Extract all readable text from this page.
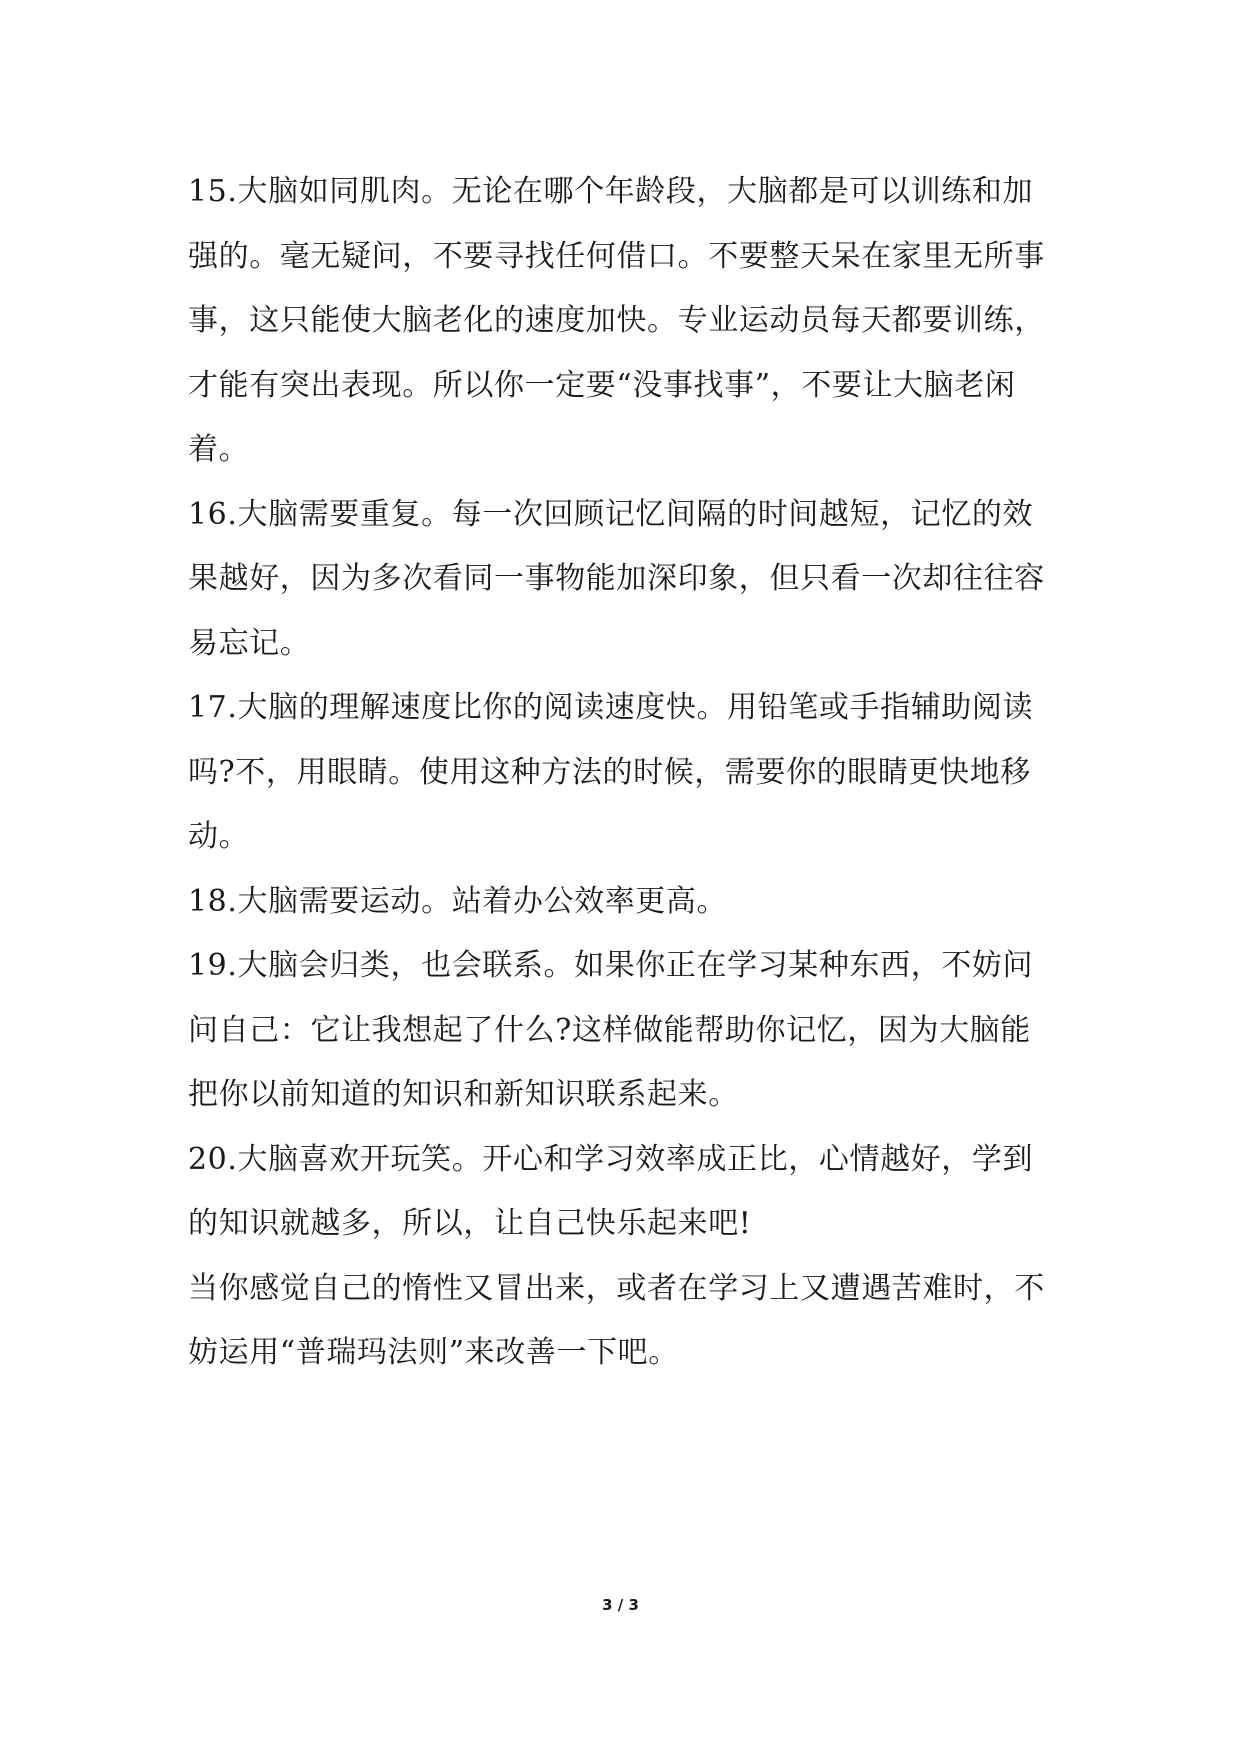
15.大脑如同肌肉。无论在哪个年龄段，大脑都是可以训练和加
强的。毫无疑问，不要寻找任何借口。不要整天呆在家里无所事
事，这只能使大脑老化的速度加快。专业运动员每天都要训练，
才能有突出表现。所以你一定要“没事找事”，不要让大脑老闲
着。
16.大脑需要重复。每一次回顾记忆间隔的时间越短，记忆的效
果越好，因为多次看同一事物能加深印象，但只看一次却往往容
易忘记。
17.大脑的理解速度比你的阅读速度快。用铅笔或手指辅助阅读
吗?不，用眼睛。使用这种方法的时候，需要你的眼睛更快地移
动。
18.大脑需要运动。站着办公效率更高。
19.大脑会归类，也会联系。如果你正在学习某种东西，不妨问
问自己：它让我想起了什么?这样做能帮助你记忆，因为大脑能
把你以前知道的知识和新知识联系起来。
20.大脑喜欢开玩笑。开心和学习效率成正比，心情越好，学到
的知识就越多，所以，让自己快乐起来吧!
当你感觉自己的惰性又冒出来，或者在学习上又遭遇苦难时，不
妨运用“普瑞玛法则”来改善一下吧。
3 / 3
